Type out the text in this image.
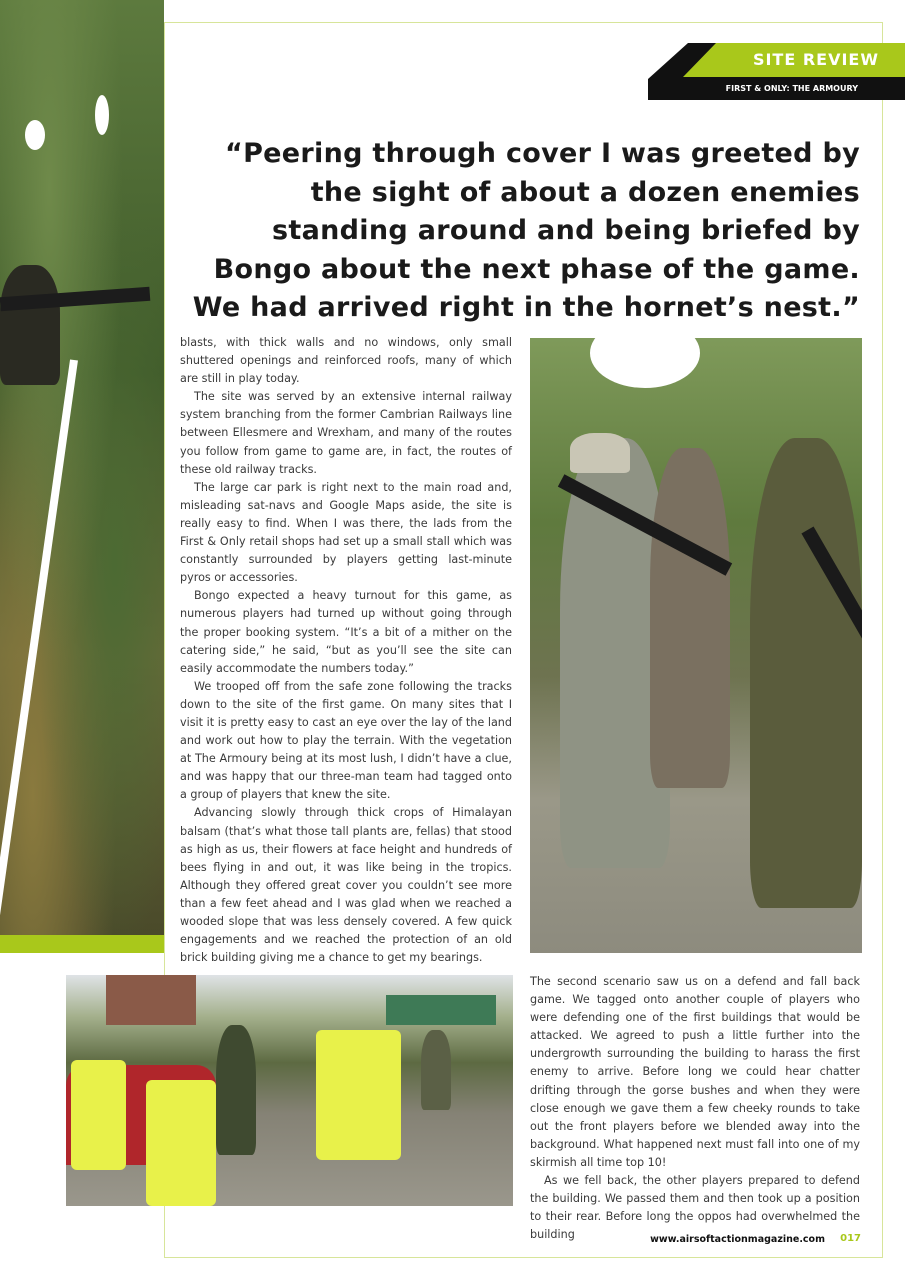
SITE REVIEW
FIRST & ONLY: THE ARMOURY
“Peering through cover I was greeted by the sight of about a dozen enemies standing around and being briefed by Bongo about the next phase of the game. We had arrived right in the hornet’s nest.”

blasts, with thick walls and no windows, only small shuttered openings and reinforced roofs, many of which are still in play today.

The site was served by an extensive internal railway system branching from the former Cambrian Railways line between Ellesmere and Wrexham, and many of the routes you follow from game to game are, in fact, the routes of these old railway tracks.

The large car park is right next to the main road and, misleading sat-navs and Google Maps aside, the site is really easy to find. When I was there, the lads from the First & Only retail shops had set up a small stall which was constantly surrounded by players getting last-minute pyros or accessories.

Bongo expected a heavy turnout for this game, as numerous players had turned up without going through the proper booking system. “It’s a bit of a mither on the catering side,” he said, “but as you’ll see the site can easily accommodate the numbers today.”

We trooped off from the safe zone following the tracks down to the site of the first game. On many sites that I visit it is pretty easy to cast an eye over the lay of the land and work out how to play the terrain. With the vegetation at The Armoury being at its most lush, I didn’t have a clue, and was happy that our three-man team had tagged onto a group of players that knew the site.

Advancing slowly through thick crops of Himalayan balsam (that’s what those tall plants are, fellas) that stood as high as us, their flowers at face height and hundreds of bees flying in and out, it was like being in the tropics. Although they offered great cover you couldn’t see more than a few feet ahead and I was glad when we reached a wooded slope that was less densely covered. A few quick engagements and we reached the protection of an old brick building giving me a chance to get my bearings.

The second scenario saw us on a defend and fall back game. We tagged onto another couple of players who were defending one of the first buildings that would be attacked. We agreed to push a little further into the undergrowth surrounding the building to harass the first enemy to arrive. Before long we could hear chatter drifting through the gorse bushes and when they were close enough we gave them a few cheeky rounds to take out the front players before we blended away into the background. What happened next must fall into one of my skirmish all time top 10!

As we fell back, the other players prepared to defend the building. We passed them and then took up a position to their rear. Before long the oppos had overwhelmed the building	www.airsoftactionmagazine.com 017
